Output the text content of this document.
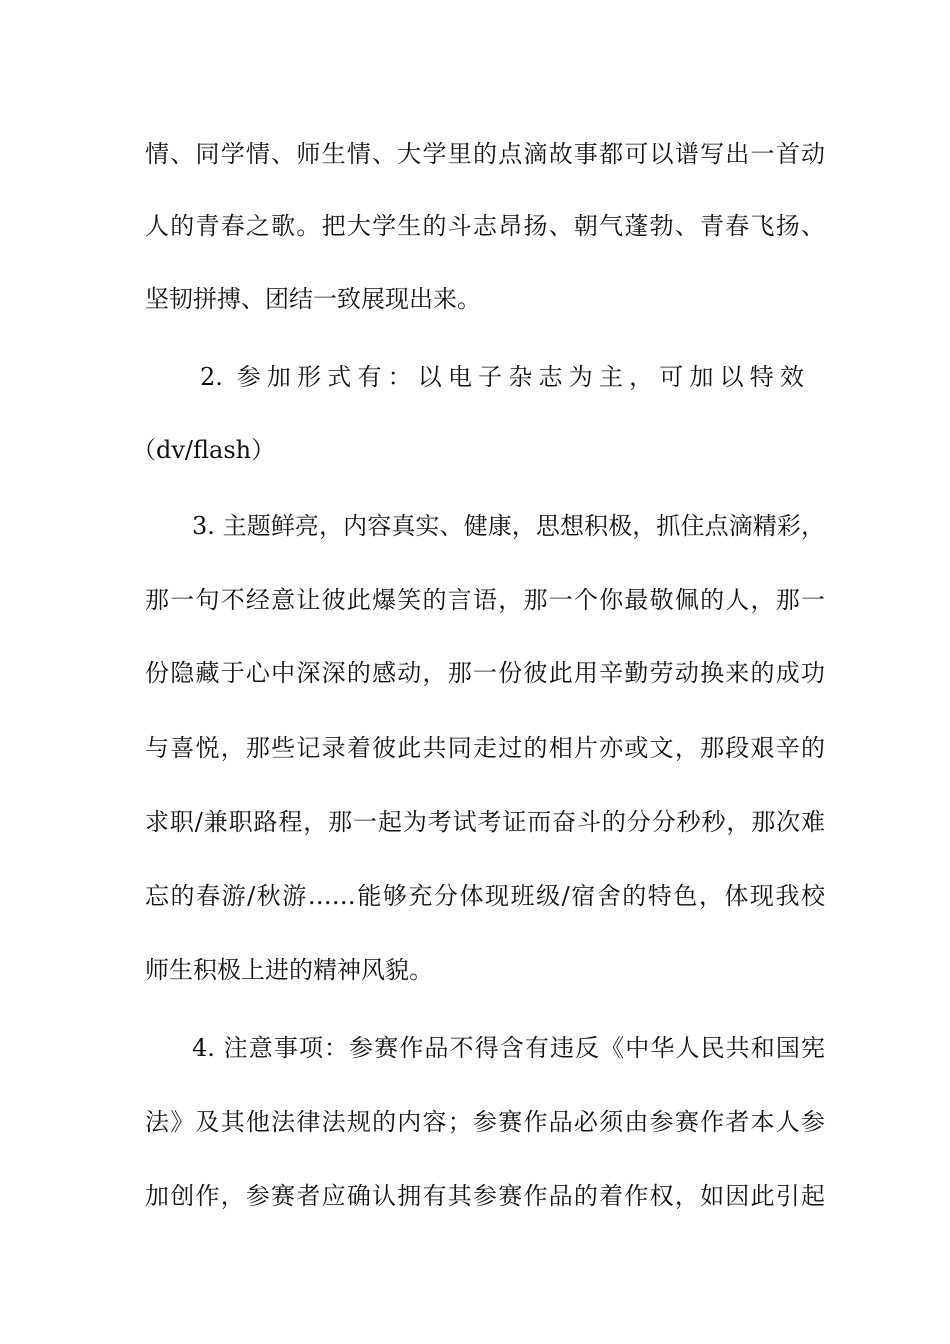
情、同学情、师生情、大学里的点滴故事都可以谱写出一首动
人的青春之歌。把大学生的斗志昂扬、朝气蓬勃、青春飞扬、
坚韧拼搏、团结一致展现出来。
2. 参加形式有：以电子杂志为主，可加以特效
（dv/flash）
3. 主题鲜亮，内容真实、健康，思想积极，抓住点滴精彩，
那一句不经意让彼此爆笑的言语，那一个你最敬佩的人，那一
份隐藏于心中深深的感动，那一份彼此用辛勤劳动换来的成功
与喜悦，那些记录着彼此共同走过的相片亦或文，那段艰辛的
求职/兼职路程，那一起为考试考证而奋斗的分分秒秒，那次难
忘的春游/秋游……能够充分体现班级/宿舍的特色，体现我校
师生积极上进的精神风貌。
4. 注意事项：参赛作品不得含有违反《中华人民共和国宪
法》及其他法律法规的内容；参赛作品必须由参赛作者本人参
加创作，参赛者应确认拥有其参赛作品的着作权，如因此引起
